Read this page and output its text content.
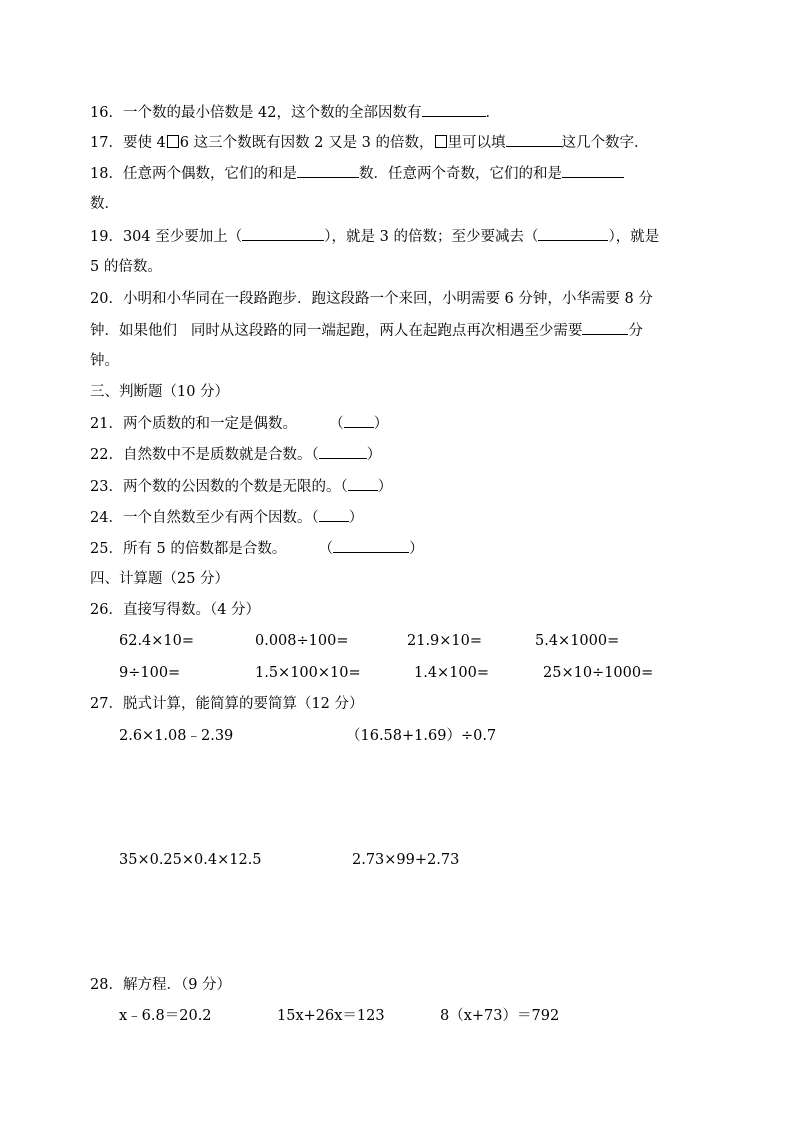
16．一个数的最小倍数是 42，这个数的全部因数有	．
17．要使 4 6 这三个数既有因数 2 又是 3 的倍数， 里可以填	这几个数字．
18．任意两个偶数，它们的和是	数．任意两个奇数，它们的和是
数．
19．304 至少要加上（	），就是 3 的倍数；至少要减去（	），就是
5 的倍数。
20．小明和小华同在一段路跑步．跑这段路一个来回，小明需要 6 分钟，小华需要 8 分
钟．如果他们   同时从这段路的同一端起跑，两人在起跑点再次相遇至少需要	分
钟。
三、判断题（10 分）
21．两个质数的和一定是偶数。       （ ）
22．自然数中不是质数就是合数。（	）
23．两个数的公因数的个数是无限的。（ ）
24．一个自然数至少有两个因数。（ ）
25．所有 5 的倍数都是合数。       （	）
四、计算题（25 分）
26．直接写得数。（4 分）
62.4×10=	0.008÷100=	21.9×10=	5.4×1000=
9÷100=	1.5×100×10=	1.4×100=	25×10÷1000=
27．脱式计算，能简算的要简算（12 分）
2.6×1.08﹣2.39	（16.58+1.69）÷0.7
35×0.25×0.4×12.5	2.73×99+2.73
28．解方程．（9 分）
x﹣6.8＝20.2	15x+26x＝123	8（x+73）＝792
